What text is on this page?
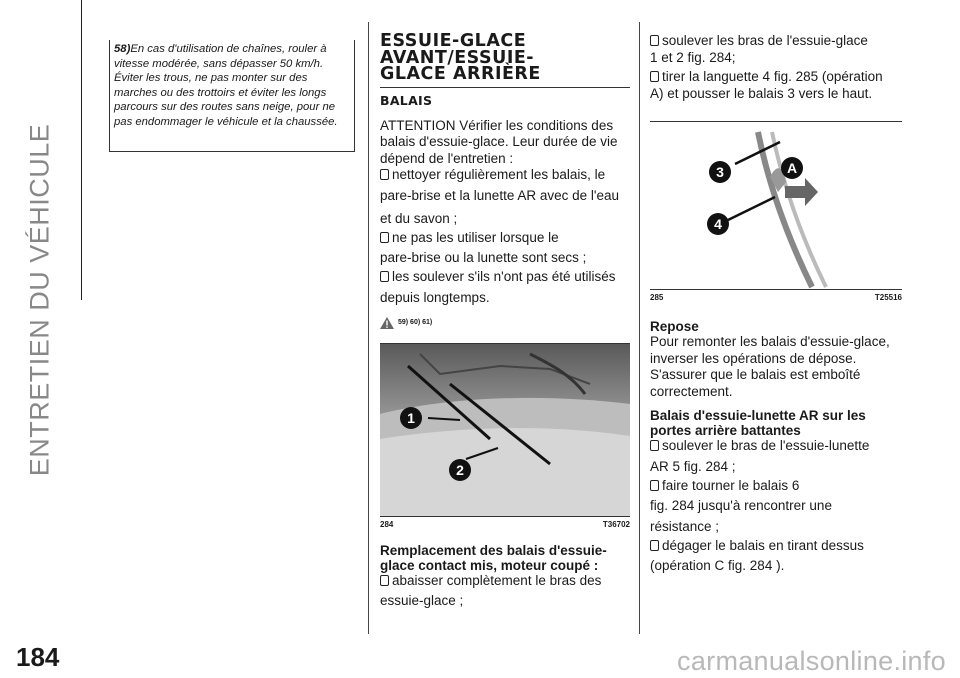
ENTRETIEN DU VÉHICULE
184	carmanualsonline.info

58)En cas d'utilisation de chaînes, rouler à vitesse modérée, sans dépasser 50 km/h. Éviter les trous, ne pas monter sur des marches ou des trottoirs et éviter les longs parcours sur des routes sans neige, pour ne pas endommager le véhicule et la chaussée.

ESSUIE-GLACE
AVANT/ESSUIE-
GLACE ARRIÈRE
BALAIS

ATTENTION Vérifier les conditions des balais d'essuie-glace. Leur durée de vie dépend de l'entretien :

nettoyer régulièrement les balais, le
pare-brise et la lunette AR avec de l'eau
et du savon ;
ne pas les utiliser lorsque le
pare-brise ou la lunette sont secs ;
les soulever s'ils n'ont pas été utilisés
depuis longtemps.
59) 60) 61)
1
2
284	T36702
Remplacement des balais d'essuie-glace contact mis, moteur coupé :
abaisser complètement le bras des
essuie-glace ;
soulever les bras de l'essuie-glace
1 et 2 fig. 284;
tirer la languette 4 fig. 285 (opération
A) et pousser le balais 3 vers le haut.
3
4
A
285	T25516
Repose

Pour remonter les balais d'essuie-glace, inverser les opérations de dépose. S'assurer que le balais est emboîté correctement.

Balais d'essuie-lunette AR sur les portes arrière battantes
soulever le bras de l'essuie-lunette
AR 5 fig. 284 ;
faire tourner le balais 6
fig. 284 jusqu'à rencontrer une
résistance ;
dégager le balais en tirant dessus
(opération C fig. 284 ).
